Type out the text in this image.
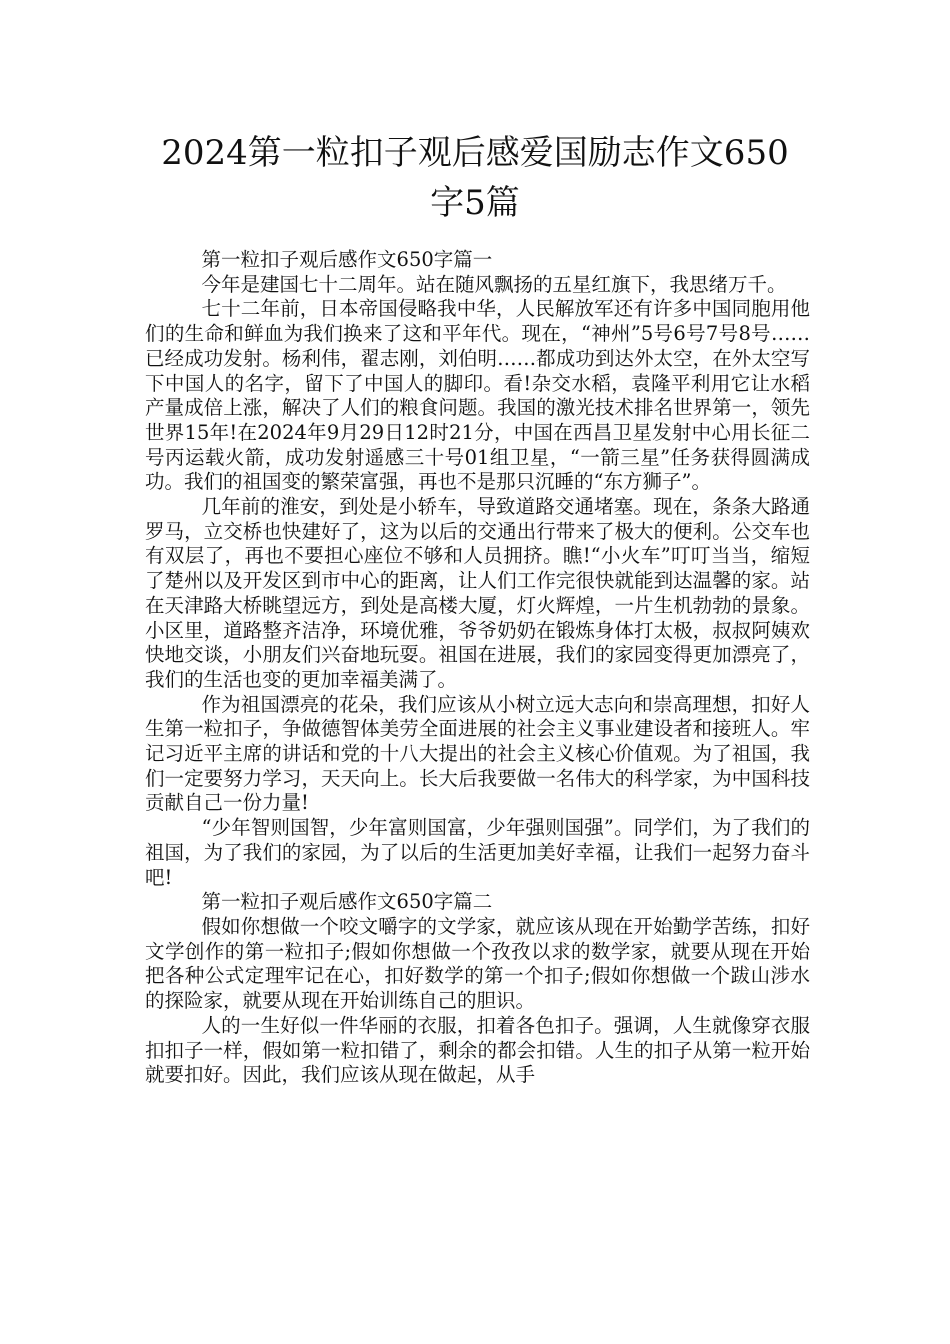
2024第一粒扣子观后感爱国励志作文650
字5篇

第一粒扣子观后感作文650字篇一

今年是建国七十二周年。站在随风飘扬的五星红旗下，我思绪万千。

七十二年前，日本帝国侵略我中华，人民解放军还有许多中国同胞用他们的生命和鲜血为我们换来了这和平年代。现在，“神州”5号6号7号8号……已经成功发射。杨利伟，翟志刚，刘伯明……都成功到达外太空，在外太空写下中国人的名字，留下了中国人的脚印。看!杂交水稻，袁隆平利用它让水稻产量成倍上涨，解决了人们的粮食问题。我国的激光技术排名世界第一，领先世界15年!在2024年9月29日12时21分，中国在西昌卫星发射中心用长征二号丙运载火箭，成功发射遥感三十号01组卫星，“一箭三星”任务获得圆满成功。我们的祖国变的繁荣富强，再也不是那只沉睡的“东方狮子”。

几年前的淮安，到处是小轿车，导致道路交通堵塞。现在，条条大路通罗马，立交桥也快建好了，这为以后的交通出行带来了极大的便利。公交车也有双层了，再也不要担心座位不够和人员拥挤。瞧!“小火车”叮叮当当，缩短了楚州以及开发区到市中心的距离，让人们工作完很快就能到达温馨的家。站在天津路大桥眺望远方，到处是高楼大厦，灯火辉煌，一片生机勃勃的景象。小区里，道路整齐洁净，环境优雅，爷爷奶奶在锻炼身体打太极，叔叔阿姨欢快地交谈，小朋友们兴奋地玩耍。祖国在进展，我们的家园变得更加漂亮了，我们的生活也变的更加幸福美满了。

作为祖国漂亮的花朵，我们应该从小树立远大志向和崇高理想，扣好人生第一粒扣子，争做德智体美劳全面进展的社会主义事业建设者和接班人。牢记习近平主席的讲话和党的十八大提出的社会主义核心价值观。为了祖国，我们一定要努力学习，天天向上。长大后我要做一名伟大的科学家，为中国科技贡献自己一份力量!

“少年智则国智，少年富则国富，少年强则国强”。同学们，为了我们的祖国，为了我们的家园，为了以后的生活更加美好幸福，让我们一起努力奋斗吧!

第一粒扣子观后感作文650字篇二

假如你想做一个咬文嚼字的文学家，就应该从现在开始勤学苦练，扣好文学创作的第一粒扣子;假如你想做一个孜孜以求的数学家，就要从现在开始把各种公式定理牢记在心，扣好数学的第一个扣子;假如你想做一个跋山涉水的探险家，就要从现在开始训练自己的胆识。

人的一生好似一件华丽的衣服，扣着各色扣子。强调，人生就像穿衣服扣扣子一样，假如第一粒扣错了，剩余的都会扣错。人生的扣子从第一粒开始就要扣好。因此，我们应该从现在做起，从手
